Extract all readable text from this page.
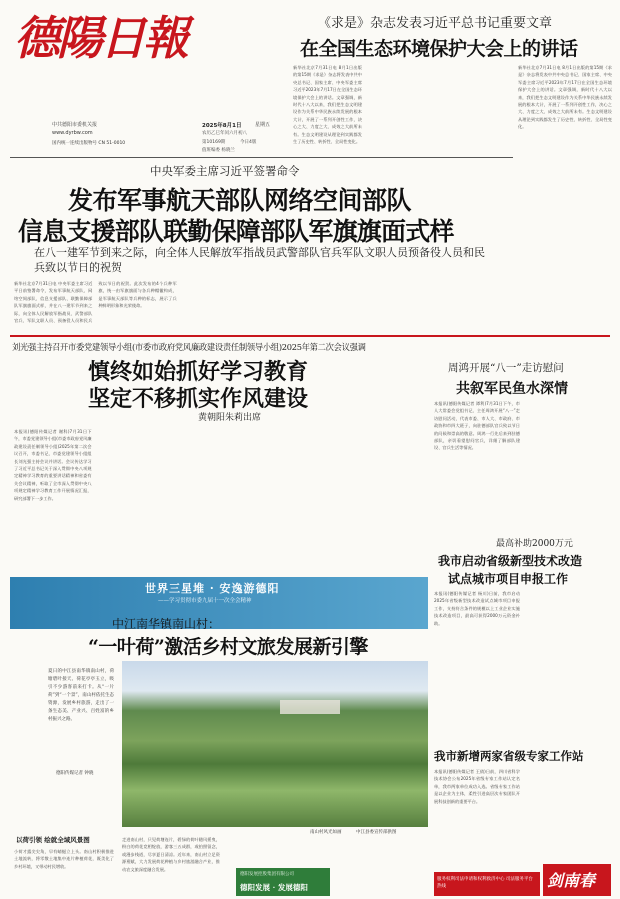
德陽日報
中共德阳市委机关报
www.dyrbw.com
国内统一连续出版物号 CN 51-0010
2025年8月1日	星期五
农历乙巳年闰六月初八
第10169期	今日4版
值班编委 杨晓兰
《求是》杂志发表习近平总书记重要文章
在全国生态环境保护大会上的讲话
新华社北京7月31日电 8月1日出版的第15期《求是》杂志将发表中共中央总书记、国家主席、中央军委主席习近平2023年7月17日在全国生态环境保护大会上的讲话。文章强调，新时代十八大以来，我们把生态文明建设作为关系中华民族永续发展的根本大计，开展了一系列开创性工作，决心之大、力度之大、成效之大前所未有。生态文明建设从理论到实践都发生了历史性、转折性、全局性变化。
新华社北京7月31日电 8月1日出版的第15期《求是》杂志将发表中共中央总书记、国家主席、中央军委主席习近平2023年7月17日在全国生态环境保护大会上的讲话。文章强调，新时代十八大以来，我们把生态文明建设作为关系中华民族永续发展的根本大计，开展了一系列开创性工作，决心之大、力度之大、成效之大前所未有。生态文明建设从理论到实践都发生了历史性、转折性、全局性变化。
中央军委主席习近平签署命令
发布军事航天部队网络空间部队
信息支援部队联勤保障部队军旗旗面式样
在八一建军节到来之际，向全体人民解放军指战员武警部队官兵军队文职人员预备役人员和民兵致以节日的祝贺
新华社北京7月31日电 中央军委主席习近平日前签署命令，发布军事航天部队、网络空间部队、信息支援部队、联勤保障部队军旗旗面式样，并在八一建军节到来之际，向全体人民解放军指战员、武警部队官兵、军队文职人员、预备役人员和民兵致以节日的祝贺。此次发布的4个兵种军旗，统一由军旗旗面与各兵种帽徽构成，是军事航天部队等兵种的标志，展示了兵种鲜明形象和光荣使命。
刘光强主持召开市委党建领导小组(市委市政府党风廉政建设责任制领导小组)2025年第二次会议强调
慎终如始抓好学习教育
坚定不移抓实作风建设
黄朝阳朱莉出席
本报讯(德阳传媒记者 谢科)7月31日下午，市委党建领导小组(市委市政府党风廉政建设责任制领导小组)2025年第二次会议召开，市委书记、市委党建领导小组组长刘光强主持会议并讲话。会议传达学习了习近平总书记关于深入贯彻中央八项规定精神学习教育的重要讲话精神和省委有关会议精神，听取了全市深入贯彻中央八项规定精神学习教育工作开展情况汇报，研究部署下一步工作。
周鸿开展“八一”走访慰问
共叙军民鱼水深情
本报讯(德阳传媒记者 谭利)7月31日下午，市人大常委会党组书记、主任周鸿开展“八一”走访慰问活动，代表市委、市人大、市政府、市政协和市四大班子，向驻德部队官兵致以节日的问候和崇高的敬意。周鸿一行先后来到驻德部队，亲切看望慰问官兵，详细了解部队建设、官兵生活等情况。
最高补助2000万元
我市启动省级新型技术改造
试点城市项目申报工作
本报讯(德阳传媒记者 杨川)日前，我市启动2025年省级新型技术改造试点城市项目申报工作，支持符合条件的规模以上工业企业实施技术改造项目，最高可获得2000万元资金补助。
我市新增两家省级专家工作站
本报讯(德阳传媒记者 王倩)日前，四川省科学技术协会公布2025年省级专家工作站认定名单，我市两家单位成功入选。省级专家工作站是以企业为主体，柔性引进高层次专家团队开展科技创新的重要平台。
世界三星堆 · 安逸游德阳
——学习贯彻市委九届十一次全会精神
中江南华镇南山村：
“一叶荷”激活乡村文旅发展新引擎
南山村风光如画	中江县委宣传部供图
夏日的中江县南华镇南山村，荷塘碧叶接天、荷花亭亭玉立，吸引不少游客前来打卡。从“一片荷”到“一个景”，南山村依托生态资源，发展乡村旅游，走出了一条生态美、产业兴、百姓富的乡村振兴之路。
德阳传媒记者 钟晓
以荷引领 绘就全域风景图
小荷才露尖尖角，早有蜻蜓立上头。南山村积极推进土地流转，将零散土地集中连片种植荷花，既美化了乡村环境，又带动村民增收。
走进南山村，只见荷塘连片，碧绿的荷叶随风摇曳，粉白的荷花竞相绽放，游客三五成群，或拍照留念，或漫步栈道，尽享夏日清凉。近年来，南山村立足资源禀赋，大力发展荷花种植与乡村旅游融合产业，推动农文旅深度融合发展。
德阳发展 · 发展德阳
德阳发展控股集团有限公司
服务权利司法申请和权利救济中心 司法服务平台热线	剑南春
